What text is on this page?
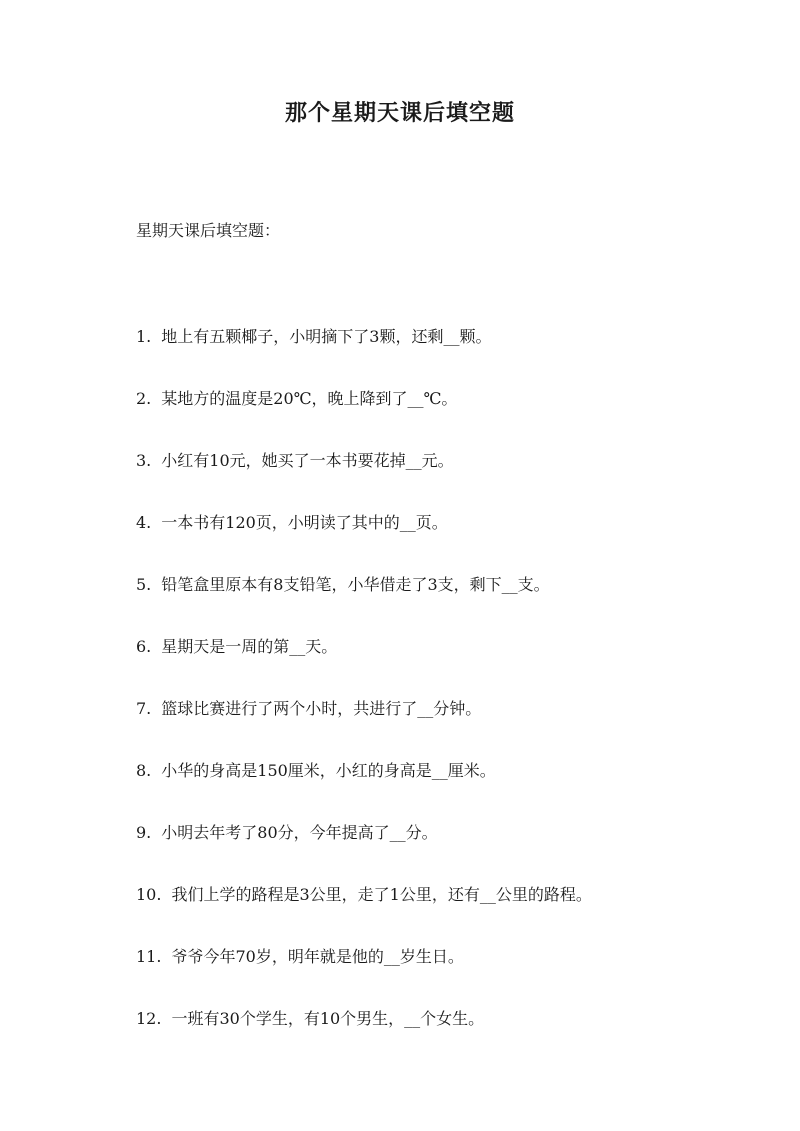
那个星期天课后填空题
星期天课后填空题：
1. 地上有五颗椰子，小明摘下了3颗，还剩__颗。
2. 某地方的温度是20℃，晚上降到了__℃。
3. 小红有10元，她买了一本书要花掉__元。
4. 一本书有120页，小明读了其中的__页。
5. 铅笔盒里原本有8支铅笔，小华借走了3支，剩下__支。
6. 星期天是一周的第__天。
7. 篮球比赛进行了两个小时，共进行了__分钟。
8. 小华的身高是150厘米，小红的身高是__厘米。
9. 小明去年考了80分，今年提高了__分。
10. 我们上学的路程是3公里，走了1公里，还有__公里的路程。
11. 爷爷今年70岁，明年就是他的__岁生日。
12. 一班有30个学生，有10个男生，__个女生。
